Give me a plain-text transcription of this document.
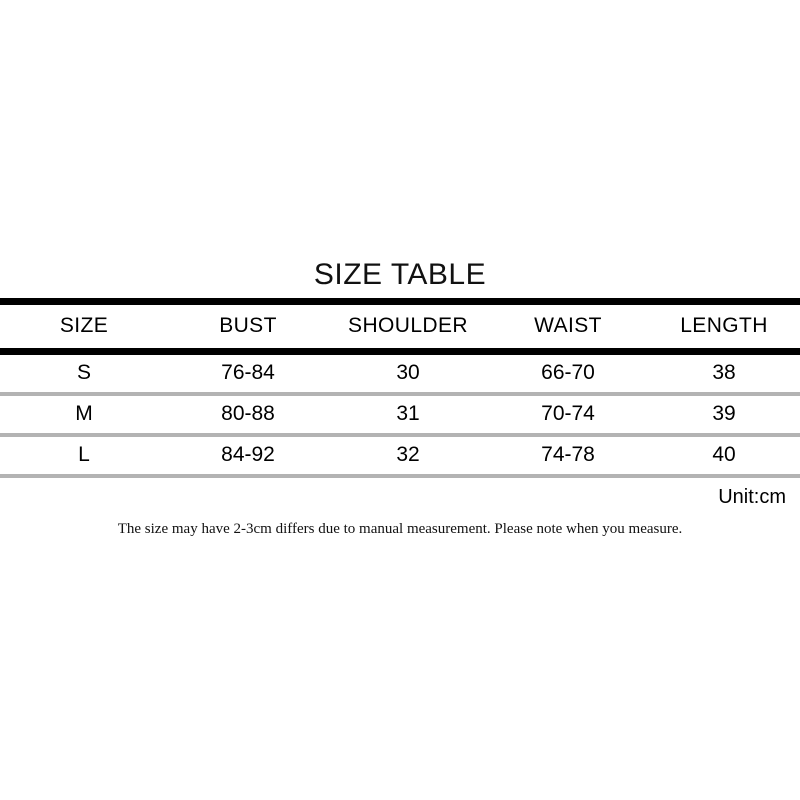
SIZE TABLE
SIZE	BUST	SHOULDER	WAIST	LENGTH
S	76-84	30	66-70	38
M	80-88	31	70-74	39
L	84-92	32	74-78	40
Unit:cm
The size may have 2-3cm differs due to manual measurement. Please note when you measure.
